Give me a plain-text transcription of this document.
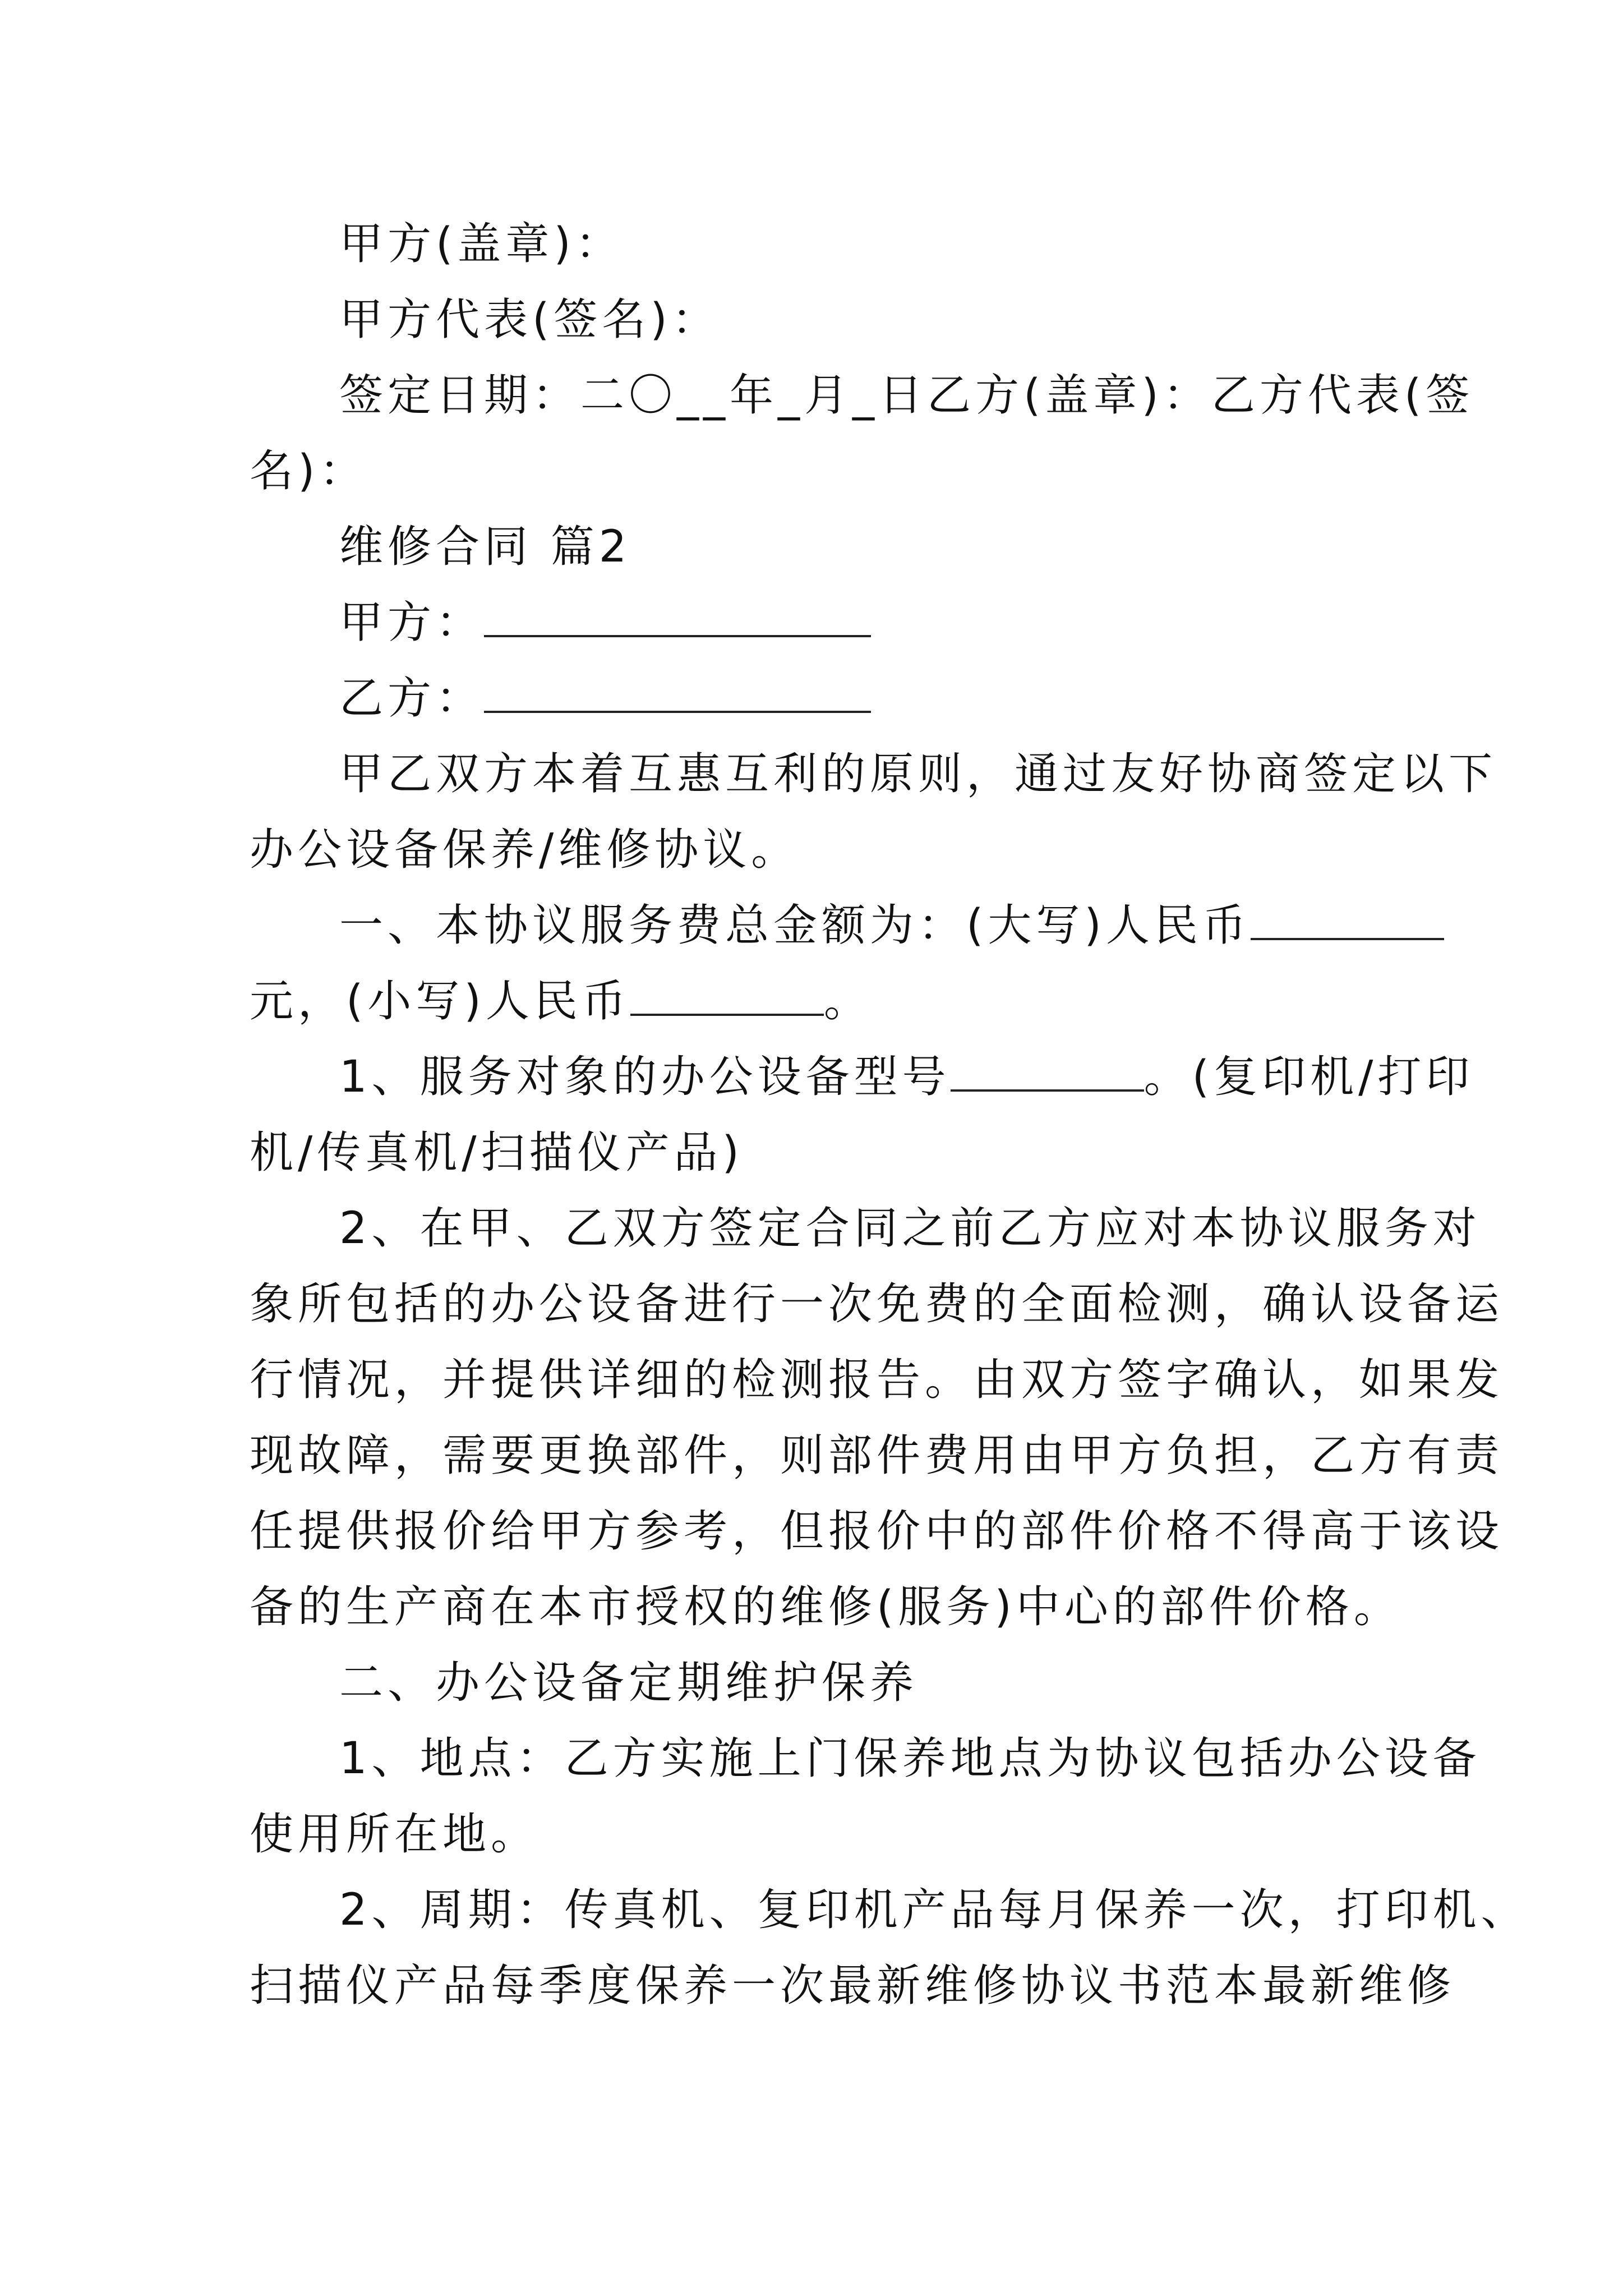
甲方(盖章)：
甲方代表(签名)：
签定日期：二〇__年_月_日乙方(盖章)：乙方代表(签
名)：
维修合同 篇2
甲方：
乙方：
甲乙双方本着互惠互利的原则，通过友好协商签定以下
办公设备保养/维修协议。
一、本协议服务费总金额为：(大写)人民币
元，(小写)人民币	。
1、服务对象的办公设备型号	。(复印机/打印
机/传真机/扫描仪产品)
2、在甲、乙双方签定合同之前乙方应对本协议服务对
象所包括的办公设备进行一次免费的全面检测，确认设备运
行情况，并提供详细的检测报告。由双方签字确认，如果发
现故障，需要更换部件，则部件费用由甲方负担，乙方有责
任提供报价给甲方参考，但报价中的部件价格不得高于该设
备的生产商在本市授权的维修(服务)中心的部件价格。
二、办公设备定期维护保养
1、地点：乙方实施上门保养地点为协议包括办公设备
使用所在地。
2、周期：传真机、复印机产品每月保养一次，打印机、
扫描仪产品每季度保养一次最新维修协议书范本最新维修
